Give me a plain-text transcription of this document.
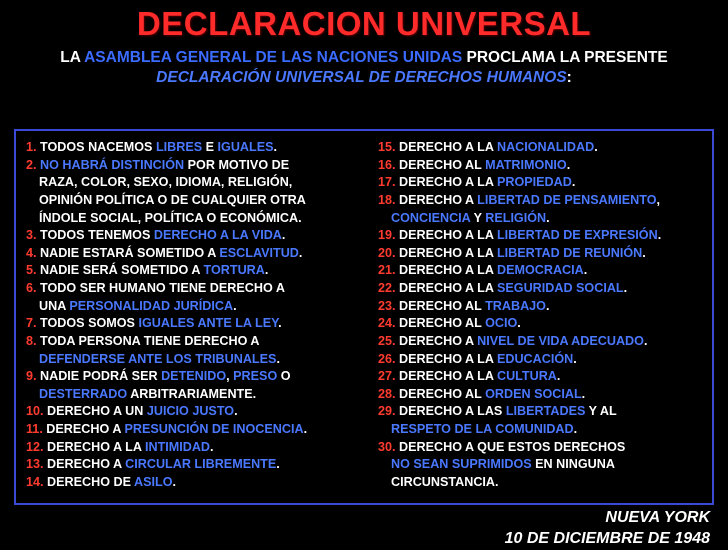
DECLARACION UNIVERSAL
LA ASAMBLEA GENERAL DE LAS NACIONES UNIDAS PROCLAMA LA PRESENTE DECLARACIÓN UNIVERSAL DE DERECHOS HUMANOS:
1. TODOS NACEMOS LIBRES E IGUALES.
2. NO HABRÁ DISTINCIÓN POR MOTIVO DE
RAZA, COLOR, SEXO, IDIOMA, RELIGIÓN,
OPINIÓN POLÍTICA O DE CUALQUIER OTRA
ÍNDOLE SOCIAL, POLÍTICA O ECONÓMICA.
3. TODOS TENEMOS DERECHO A LA VIDA.
4. NADIE ESTARÁ SOMETIDO A ESCLAVITUD.
5. NADIE SERÁ SOMETIDO A TORTURA.
6. TODO SER HUMANO TIENE DERECHO A
UNA PERSONALIDAD JURÍDICA.
7. TODOS SOMOS IGUALES ANTE LA LEY.
8. TODA PERSONA TIENE DERECHO A
DEFENDERSE ANTE LOS TRIBUNALES.
9. NADIE PODRÁ SER DETENIDO, PRESO O
DESTERRADO ARBITRARIAMENTE.
10. DERECHO A UN JUICIO JUSTO.
11. DERECHO A PRESUNCIÓN DE INOCENCIA.
12. DERECHO A LA INTIMIDAD.
13. DERECHO A CIRCULAR LIBREMENTE.
14. DERECHO DE ASILO.
15. DERECHO A LA NACIONALIDAD.
16. DERECHO AL MATRIMONIO.
17. DERECHO A LA PROPIEDAD.
18. DERECHO A LIBERTAD DE PENSAMIENTO,
CONCIENCIA Y RELIGIÓN.
19. DERECHO A LA LIBERTAD DE EXPRESIÓN.
20. DERECHO A LA LIBERTAD DE REUNIÓN.
21. DERECHO A LA DEMOCRACIA.
22. DERECHO A LA SEGURIDAD SOCIAL.
23. DERECHO AL TRABAJO.
24. DERECHO AL OCIO.
25. DERECHO A NIVEL DE VIDA ADECUADO.
26. DERECHO A LA EDUCACIÓN.
27. DERECHO A LA CULTURA.
28. DERECHO AL ORDEN SOCIAL.
29. DERECHO A LAS LIBERTADES Y AL
RESPETO DE LA COMUNIDAD.
30. DERECHO A QUE ESTOS DERECHOS
NO SEAN SUPRIMIDOS EN NINGUNA
CIRCUNSTANCIA.
NUEVA YORK
10 DE DICIEMBRE DE 1948
